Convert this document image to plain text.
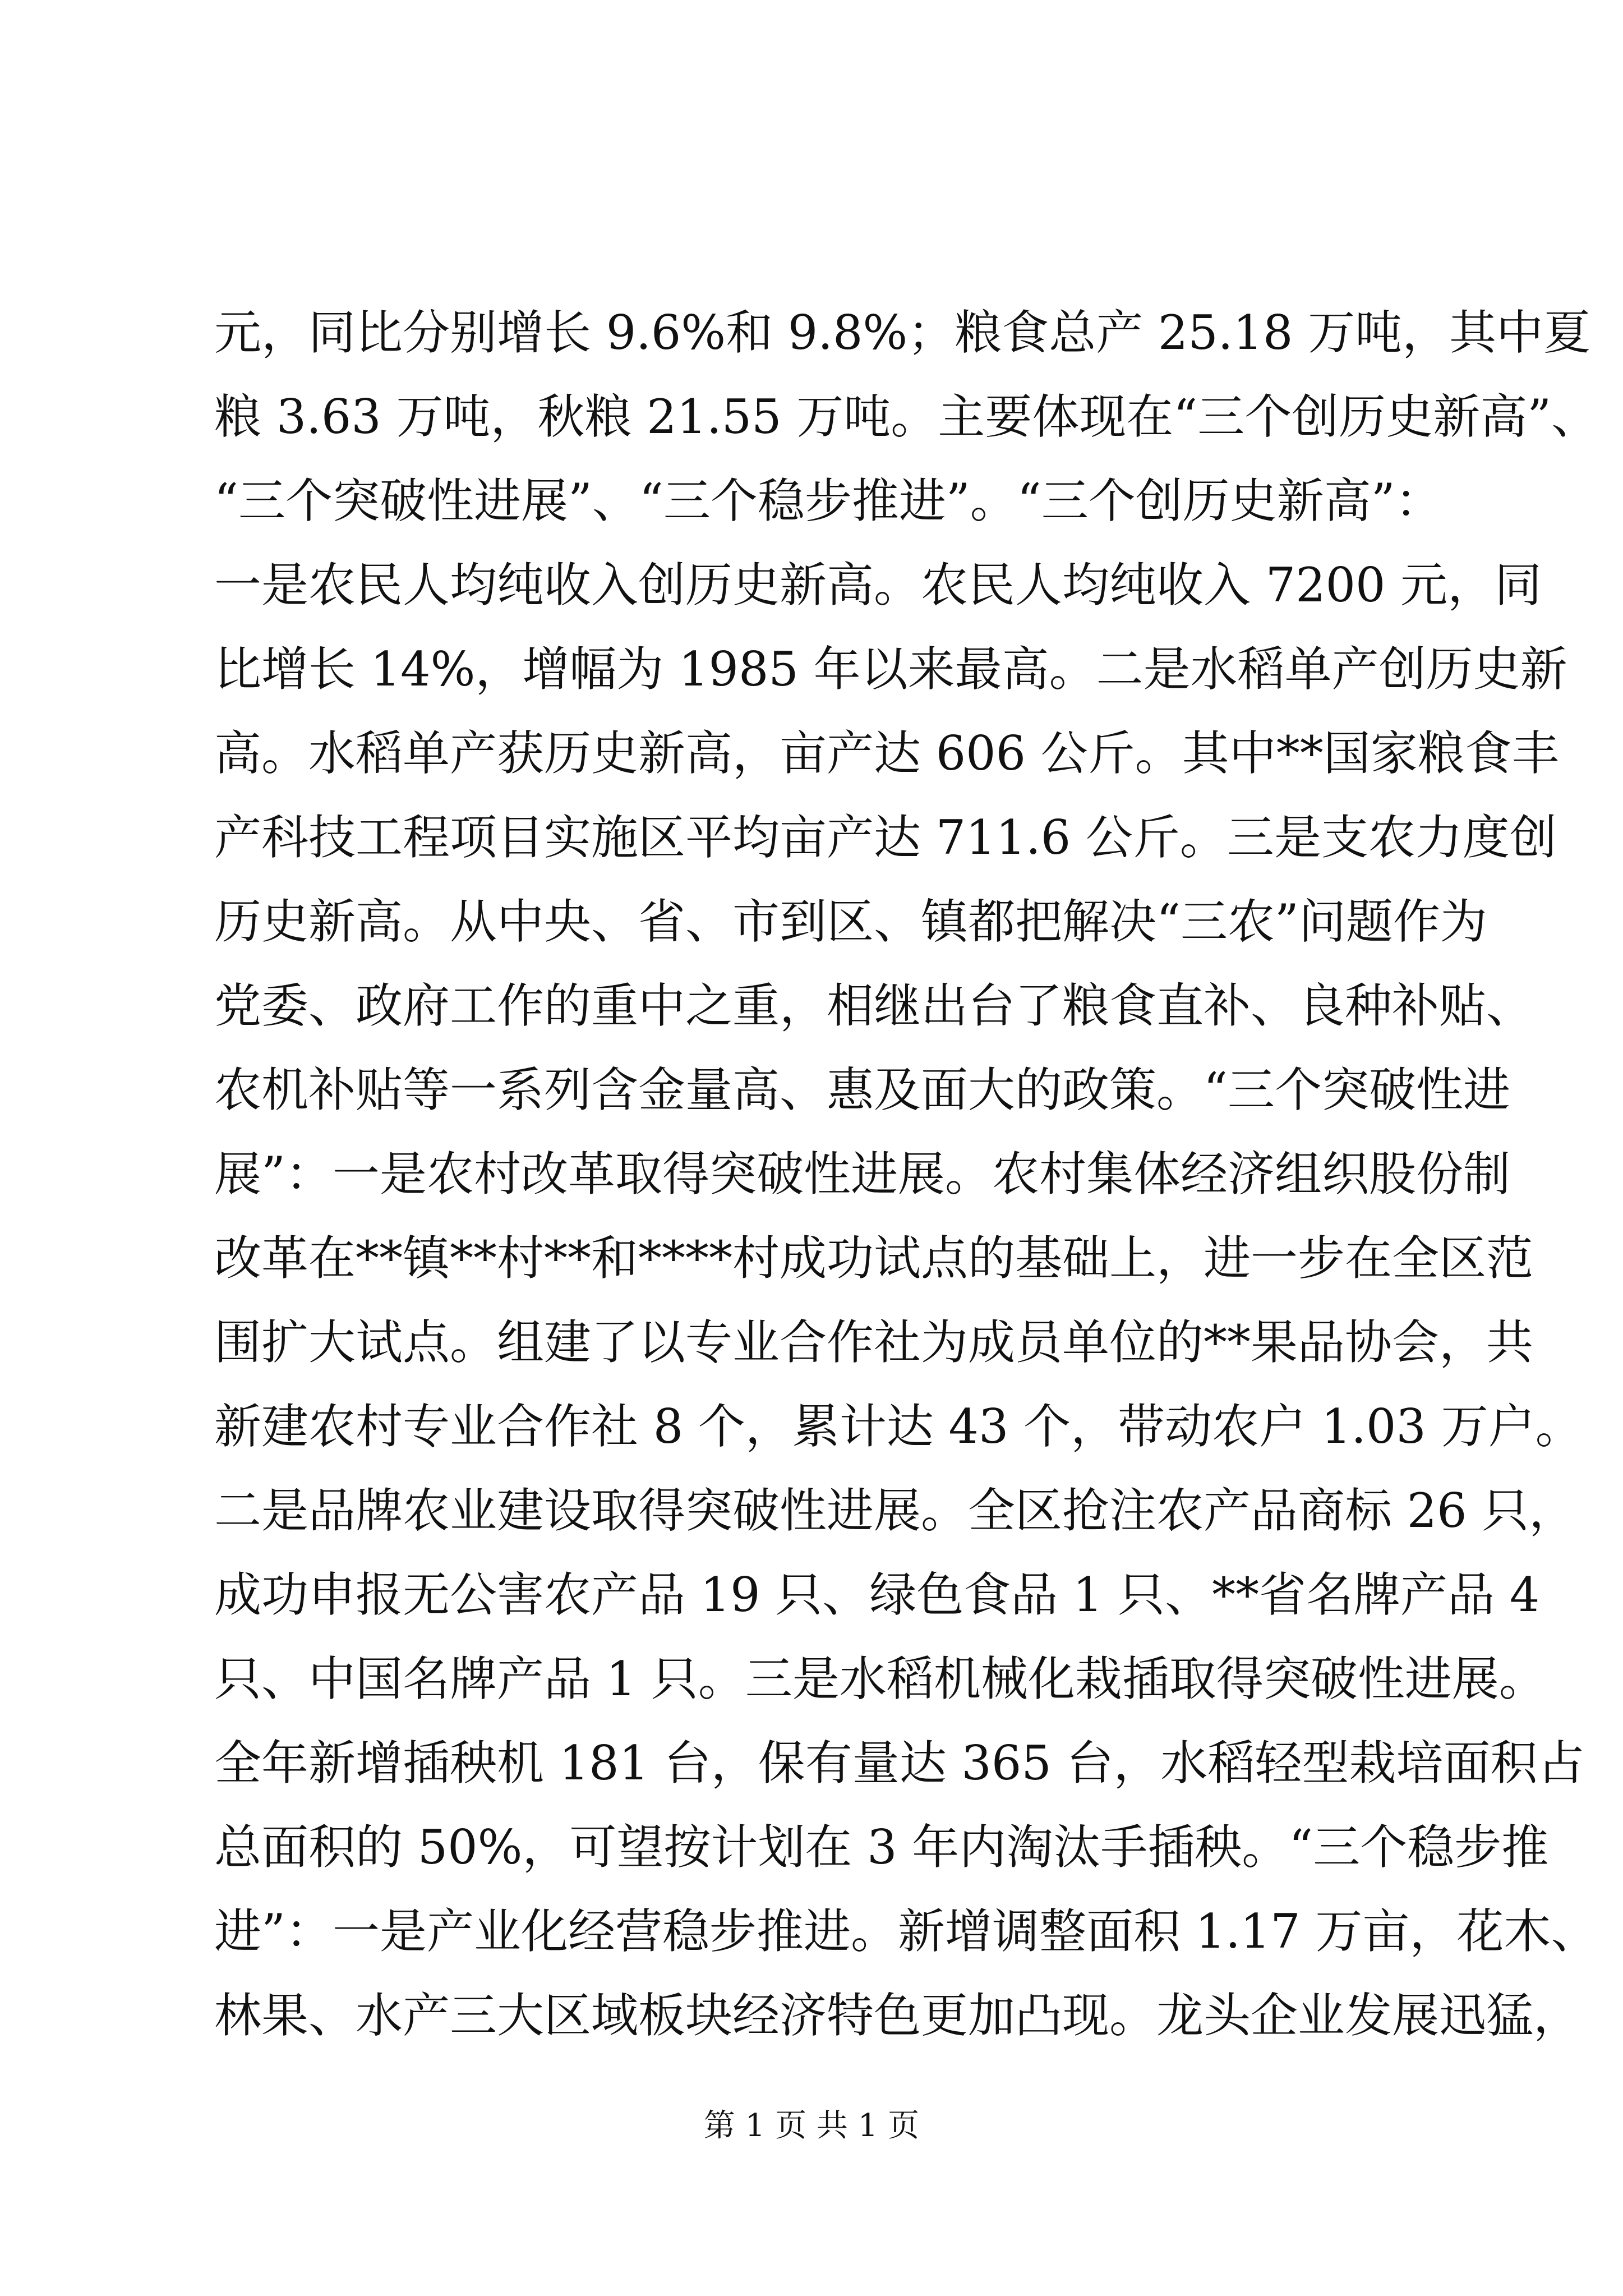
元，同比分别增长 9.6%和 9.8%；粮食总产 25.18 万吨，其中夏
粮 3.63 万吨，秋粮 21.55 万吨。主要体现在“三个创历史新高”、
“三个突破性进展”、“三个稳步推进”。“三个创历史新高”：
一是农民人均纯收入创历史新高。农民人均纯收入 7200 元，同
比增长 14%，增幅为 1985 年以来最高。二是水稻单产创历史新
高。水稻单产获历史新高，亩产达 606 公斤。其中**国家粮食丰
产科技工程项目实施区平均亩产达 711.6 公斤。三是支农力度创
历史新高。从中央、省、市到区、镇都把解决“三农”问题作为
党委、政府工作的重中之重，相继出台了粮食直补、良种补贴、
农机补贴等一系列含金量高、惠及面大的政策。“三个突破性进
展”：一是农村改革取得突破性进展。农村集体经济组织股份制
改革在**镇**村**和****村成功试点的基础上，进一步在全区范
围扩大试点。组建了以专业合作社为成员单位的**果品协会，共
新建农村专业合作社 8 个，累计达 43 个，带动农户 1.03 万户。
二是品牌农业建设取得突破性进展。全区抢注农产品商标 26 只，
成功申报无公害农产品 19 只、绿色食品 1 只、**省名牌产品 4
只、中国名牌产品 1 只。三是水稻机械化栽插取得突破性进展。
全年新增插秧机 181 台，保有量达 365 台，水稻轻型栽培面积占
总面积的 50%，可望按计划在 3 年内淘汰手插秧。“三个稳步推
进”：一是产业化经营稳步推进。新增调整面积 1.17 万亩，花木、
林果、水产三大区域板块经济特色更加凸现。龙头企业发展迅猛，
第 1 页 共 1 页
